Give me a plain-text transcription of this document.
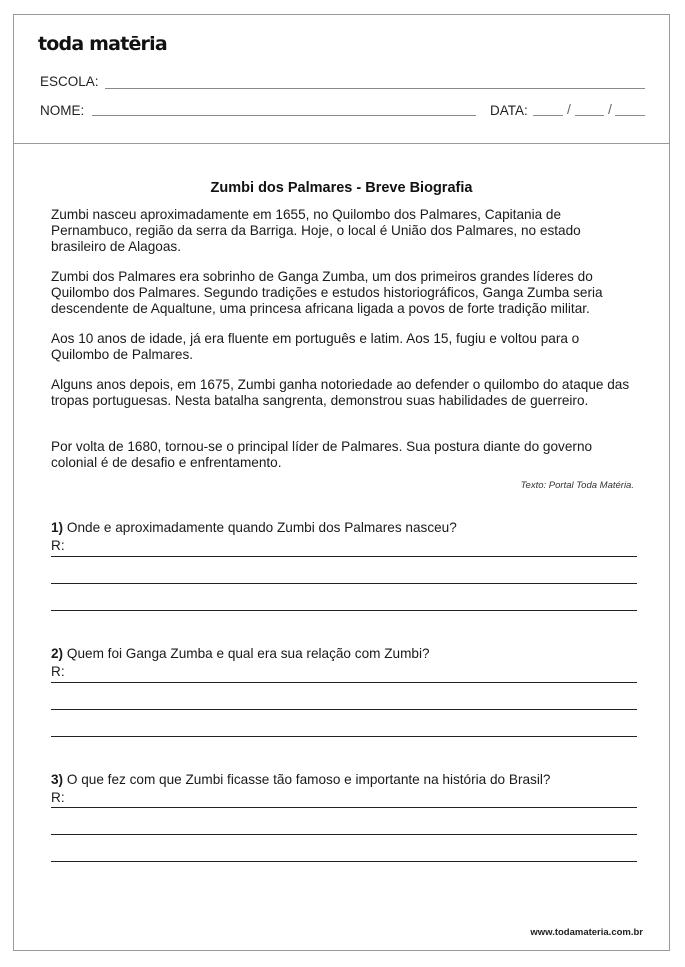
toda matēria
ESCOLA:
NOME:	DATA:	/	/
Zumbi dos Palmares - Breve Biografia

Zumbi nasceu aproximadamente em 1655, no Quilombo dos Palmares, Capitania de Pernambuco, região da serra da Barriga. Hoje, o local é União dos Palmares, no estado brasileiro de Alagoas.

Zumbi dos Palmares era sobrinho de Ganga Zumba, um dos primeiros grandes líderes do Quilombo dos Palmares. Segundo tradições e estudos historiográficos, Ganga Zumba seria descendente de Aqualtune, uma princesa africana ligada a povos de forte tradição militar.

Aos 10 anos de idade, já era fluente em português e latim. Aos 15, fugiu e voltou para o Quilombo de Palmares.

Alguns anos depois, em 1675, Zumbi ganha notoriedade ao defender o quilombo do ataque das tropas portuguesas. Nesta batalha sangrenta, demonstrou suas habilidades de guerreiro.

Por volta de 1680, tornou-se o principal líder de Palmares. Sua postura diante do governo colonial é de desafio e enfrentamento.

Texto: Portal Toda Matéria.
1) Onde e aproximadamente quando Zumbi dos Palmares nasceu?
R:
2) Quem foi Ganga Zumba e qual era sua relação com Zumbi?
R:
3) O que fez com que Zumbi ficasse tão famoso e importante na história do Brasil?
R:
www.todamateria.com.br
